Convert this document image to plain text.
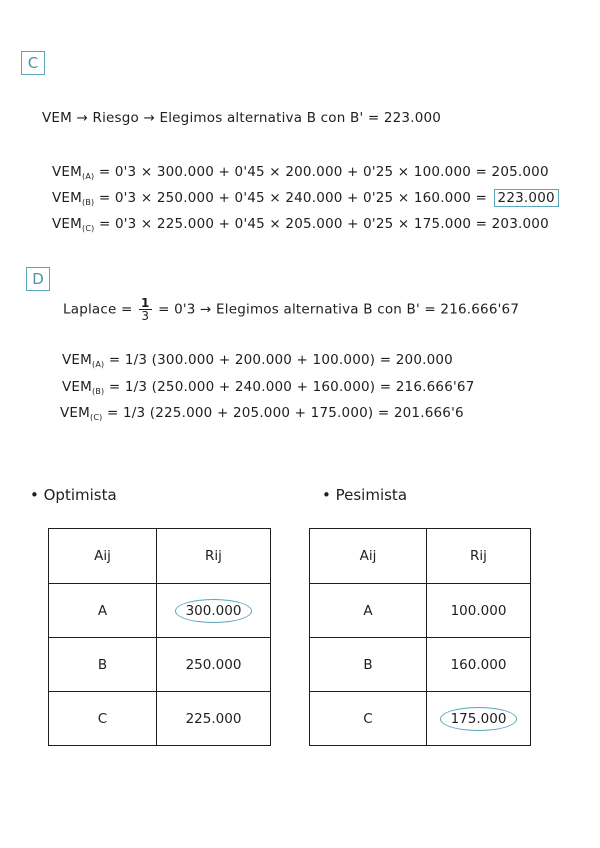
C
VEM → Riesgo → Elegimos alternativa B con B' = 223.000
$VEM_{(A)} = 0'3 \times 300.000 + 0'45 \times 200.000 + 0'25 \times 100.000 = 205.000$
$VEM_{(B)} = 0'3 \times 250.000 + 0'45 \times 240.000 + 0'25 \times 160.000 = 223.000$
$VEM_{(C)} = 0'3 \times 225.000 + 0'45 \times 205.000 + 0'25 \times 175.000 = 203.000$
D
Laplace = $\frac{1}{3} = 0'3$ → Elegimos alternativa B con B' = 216.666'67
$VEM_{(A)} = 1/3$ (300.000 + 200.000 + 100.000) = 200.000
$VEM_{(B)} = 1/3$ (250.000 + 240.000 + 160.000) = 216.666'67
$VEM_{(C)} = 1/3$ (225.000 + 205.000 + 175.000) = 201.666'6
• Optimista
Aij	Rij
A	300.000
B	250.000
C	225.000
• Pesimista
Aij	Rij
A	100.000
B	160.000
C	175.000
